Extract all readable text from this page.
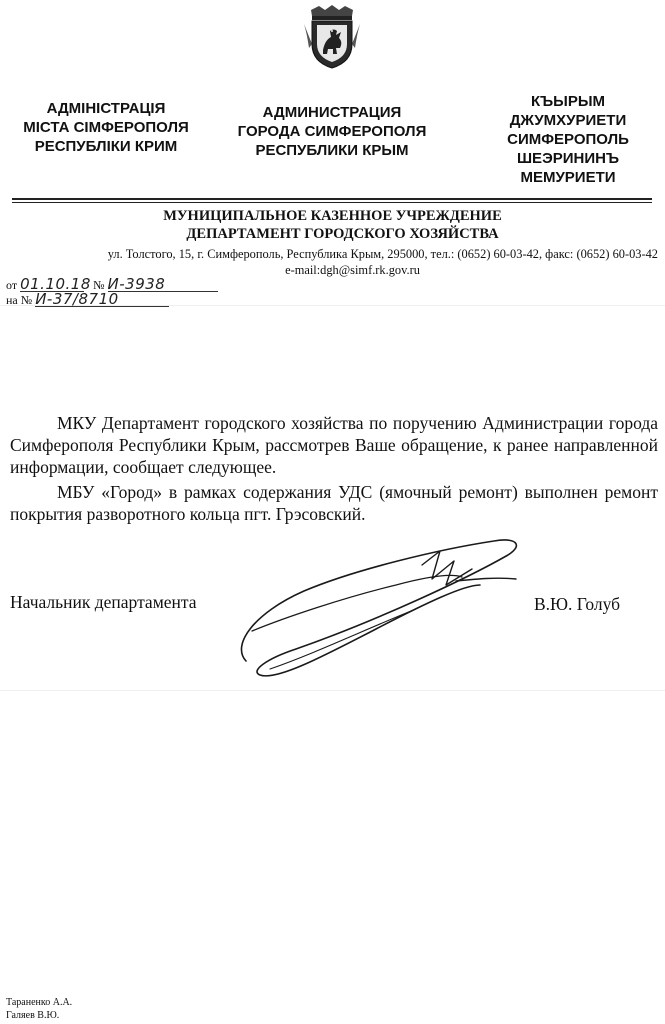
АДМІНІСТРАЦІЯ
МІСТА СІМФЕРОПОЛЯ
РЕСПУБЛІКИ КРИМ
АДМИНИСТРАЦИЯ
ГОРОДА СИМФЕРОПОЛЯ
РЕСПУБЛИКИ КРЫМ
КЪЫРЫМ
ДЖУМХУРИЕТИ
СИМФЕРОПОЛЬ
ШЕЭРИНИНЪ
МЕМУРИЕТИ
МУНИЦИПАЛЬНОЕ КАЗЕННОЕ УЧРЕЖДЕНИЕ
ДЕПАРТАМЕНТ ГОРОДСКОГО ХОЗЯЙСТВА
ул. Толстого, 15, г. Симферополь, Республика Крым, 295000, тел.: (0652) 60-03-42, факс: (0652) 60-03-42
e-mail:dgh@simf.rk.gov.ru
от 01.10.18 № И-3938
на № И-37/8710
МКУ Департамент городского хозяйства по поручению Администрации города Симферополя Республики Крым, рассмотрев Ваше обращение, к ранее направленной информации, сообщает следующее.
МБУ «Город» в рамках содержания УДС (ямочный ремонт) выполнен ремонт покрытия разворотного кольца пгт. Грэсовский.
Начальник департамента	В.Ю. Голуб
Тараненко А.А.
Галяев В.Ю.
